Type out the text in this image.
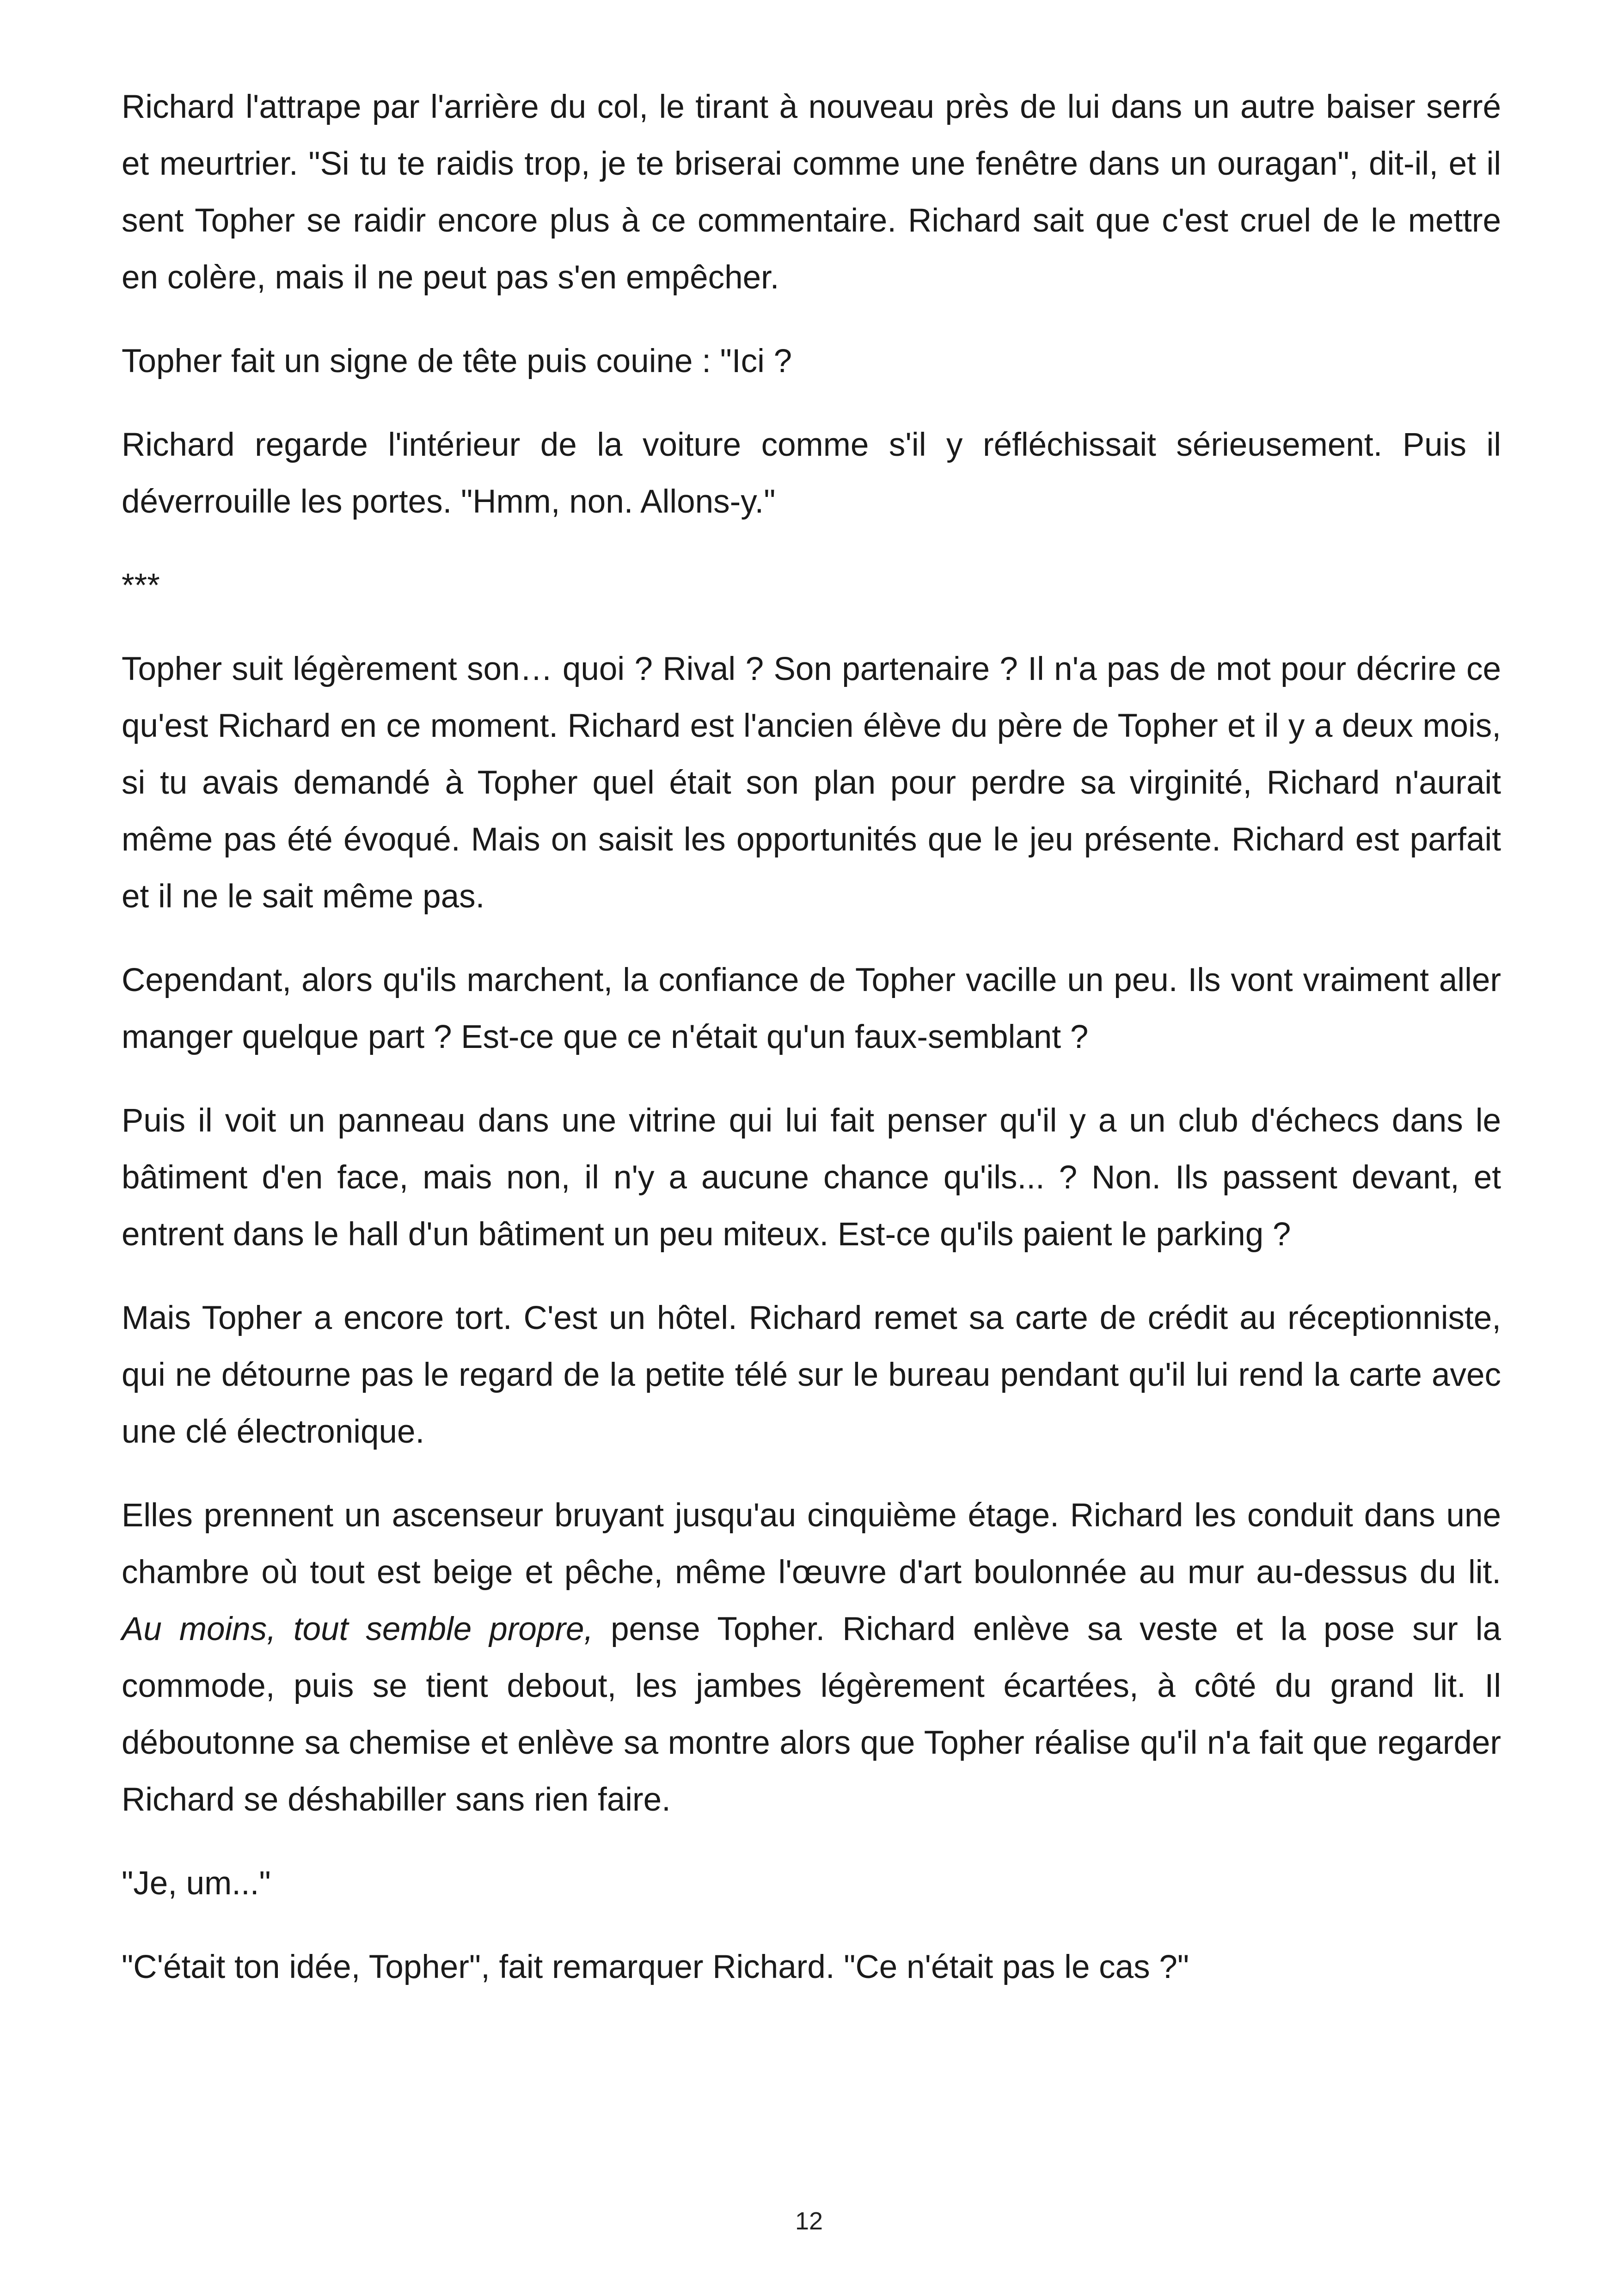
Richard l'attrape par l'arrière du col, le tirant à nouveau près de lui dans un autre baiser serré et meurtrier. "Si tu te raidis trop, je te briserai comme une fenêtre dans un ouragan", dit-il, et il sent Topher se raidir encore plus à ce commentaire. Richard sait que c'est cruel de le mettre en colère, mais il ne peut pas s'en empêcher.

Topher fait un signe de tête puis couine : "Ici ?

Richard regarde l'intérieur de la voiture comme s'il y réfléchissait sérieusement. Puis il déverrouille les portes. "Hmm, non. Allons-y."

***

Topher suit légèrement son… quoi ? Rival ? Son partenaire ? Il n'a pas de mot pour décrire ce qu'est Richard en ce moment. Richard est l'ancien élève du père de Topher et il y a deux mois, si tu avais demandé à Topher quel était son plan pour perdre sa virginité, Richard n'aurait même pas été évoqué. Mais on saisit les opportunités que le jeu présente. Richard est parfait et il ne le sait même pas.

Cependant, alors qu'ils marchent, la confiance de Topher vacille un peu. Ils vont vraiment aller manger quelque part ? Est-ce que ce n'était qu'un faux-semblant ?

Puis il voit un panneau dans une vitrine qui lui fait penser qu'il y a un club d'échecs dans le bâtiment d'en face, mais non, il n'y a aucune chance qu'ils... ? Non. Ils passent devant, et entrent dans le hall d'un bâtiment un peu miteux. Est-ce qu'ils paient le parking ?

Mais Topher a encore tort. C'est un hôtel. Richard remet sa carte de crédit au réceptionniste, qui ne détourne pas le regard de la petite télé sur le bureau pendant qu'il lui rend la carte avec une clé électronique.

Elles prennent un ascenseur bruyant jusqu'au cinquième étage. Richard les conduit dans une chambre où tout est beige et pêche, même l'œuvre d'art boulonnée au mur au-dessus du lit. Au moins, tout semble propre, pense Topher. Richard enlève sa veste et la pose sur la commode, puis se tient debout, les jambes légèrement écartées, à côté du grand lit. Il déboutonne sa chemise et enlève sa montre alors que Topher réalise qu'il n'a fait que regarder Richard se déshabiller sans rien faire.

"Je, um..."

"C'était ton idée, Topher", fait remarquer Richard. "Ce n'était pas le cas ?"

12
